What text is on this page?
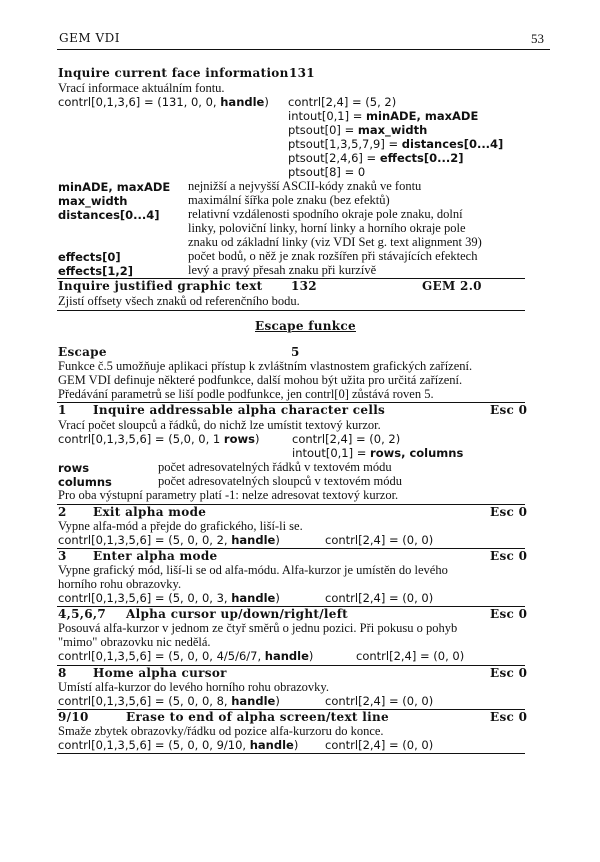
GEM VDI	53
Inquire current face information 131
Vrací informace aktuálním fontu.
contrl[0,1,3,6] = (131, 0, 0, handle) contrl[2,4] = (5, 2)
intout[0,1] = minADE, maxADE
ptsout[0] = max_width
ptsout[1,3,5,7,9] = distances[0...4]
ptsout[2,4,6] = effects[0...2]
ptsout[8] = 0
minADE, maxADE nejnižší a nejvyšší ASCII-kódy znaků ve fontu
max_width	maximální šířka pole znaku (bez efektů)
distances[0...4] relativní vzdálenosti spodního okraje pole znaku, dolní
linky, poloviční linky, horní linky a horního okraje pole
znaku od základní linky (viz VDI Set g. text alignment 39)
effects[0]	počet bodů, o něž je znak rozšířen při stávajících efektech
effects[1,2]	levý a pravý přesah znaku při kurzívě
Inquire justified graphic text 132	GEM 2.0
Zjistí offsety všech znaků od referenčního bodu.
Escape funkce
Escape	5
Funkce č.5 umožňuje aplikaci přístup k zvláštním vlastnostem grafických zařízení.
GEM VDI definuje některé podfunkce, další mohou být užita pro určitá zařízení.
Předávání parametrů se liší podle podfunkce, jen contrl[0] zůstává roven 5.
1 Inquire addressable alpha character cells	Esc 0
Vrací počet sloupců a řádků, do nichž lze umístit textový kurzor.
contrl[0,1,3,5,6] = (5,0, 0, 1 rows)	contrl[2,4] = (0, 2)
intout[0,1] = rows, columns
rows	počet adresovatelných řádků v textovém módu
columns	počet adresovatelných sloupců v textovém módu
Pro oba výstupní parametry platí -1: nelze adresovat textový kurzor.
2 Exit alpha mode	Esc 0
Vypne alfa-mód a přejde do grafického, liší-li se.
contrl[0,1,3,5,6] = (5, 0, 0, 2, handle)	contrl[2,4] = (0, 0)
3 Enter alpha mode	Esc 0
Vypne grafický mód, liší-li se od alfa-módu. Alfa-kurzor je umístěn do levého
horního rohu obrazovky.
contrl[0,1,3,5,6] = (5, 0, 0, 3, handle)	contrl[2,4] = (0, 0)
4,5,6,7 Alpha cursor up/down/right/left	Esc 0
Posouvá alfa-kurzor v jednom ze čtyř směrů o jednu pozici. Při pokusu o pohyb
"mimo" obrazovku nic nedělá.
contrl[0,1,3,5,6] = (5, 0, 0, 4/5/6/7, handle)	contrl[2,4] = (0, 0)
8 Home alpha cursor	Esc 0
Umístí alfa-kurzor do levého horního rohu obrazovky.
contrl[0,1,3,5,6] = (5, 0, 0, 8, handle)	contrl[2,4] = (0, 0)
9/10	Erase to end of alpha screen/text line	Esc 0
Smaže zbytek obrazovky/řádku od pozice alfa-kurzoru do konce.
contrl[0,1,3,5,6] = (5, 0, 0, 9/10, handle) contrl[2,4] = (0, 0)
